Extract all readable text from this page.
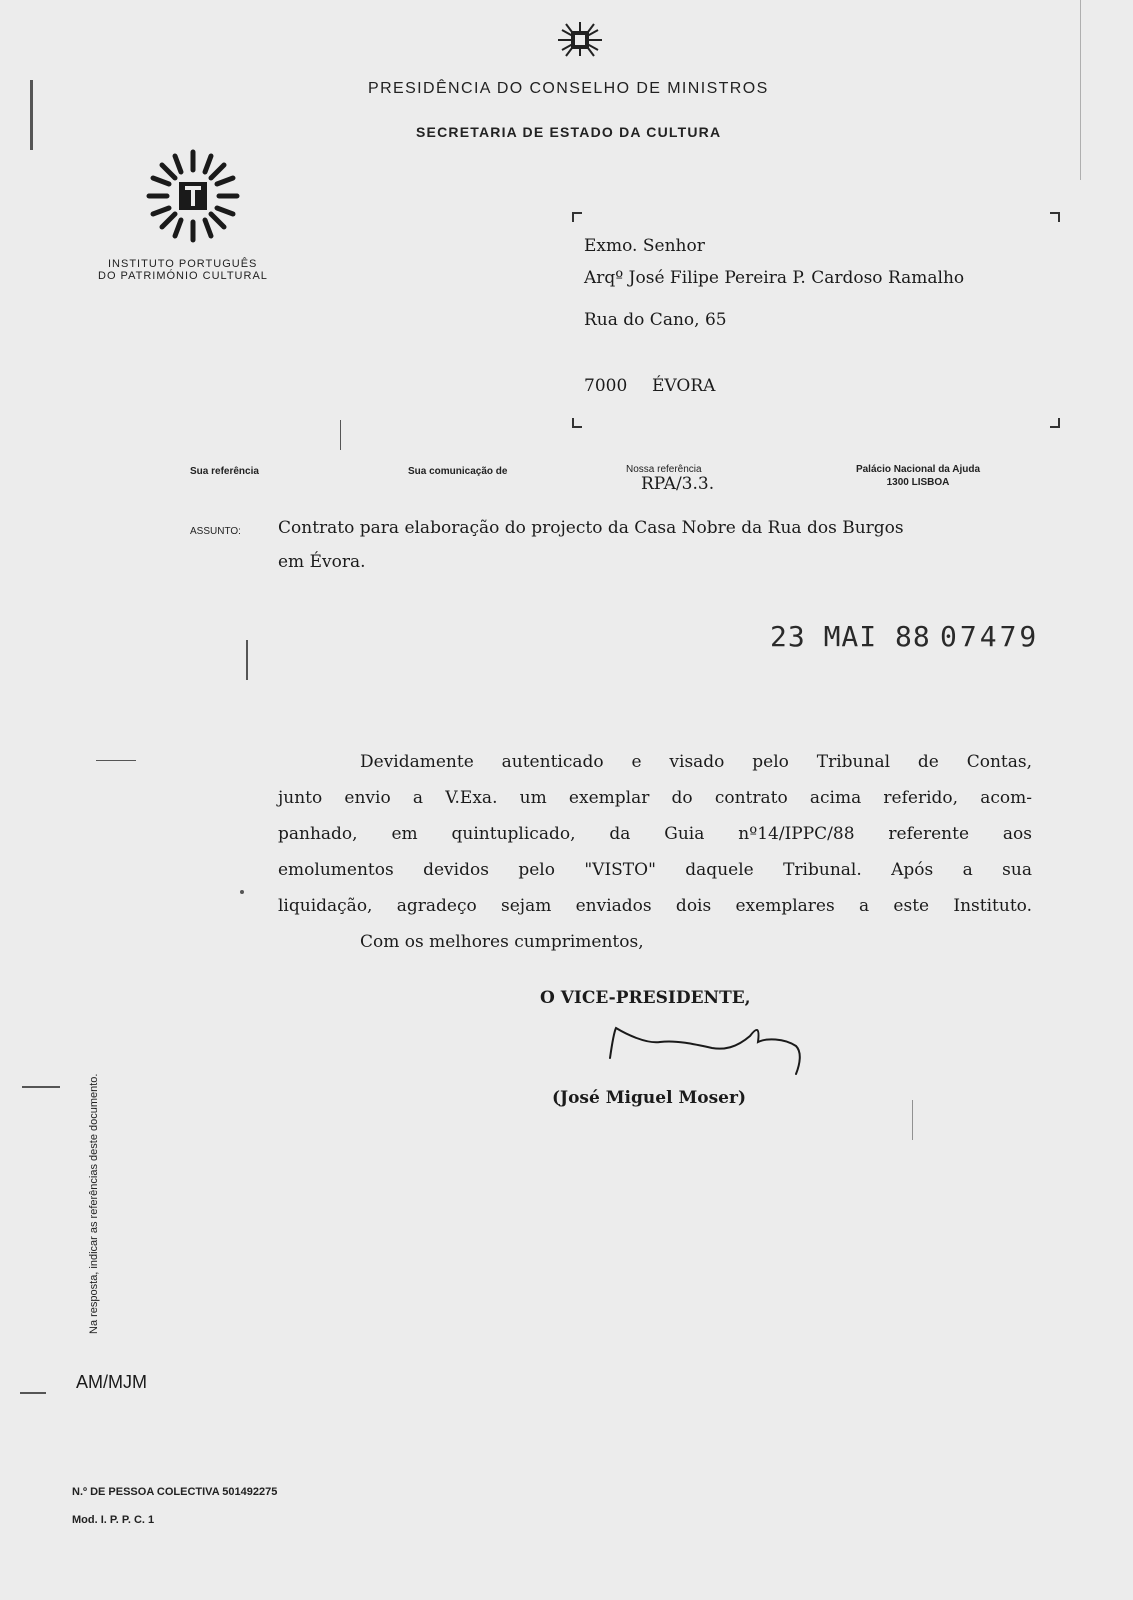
PRESIDÊNCIA DO CONSELHO DE MINISTROS
SECRETARIA DE ESTADO DA CULTURA
INSTITUTO PORTUGUÊS
DO PATRIMÓNIO CULTURAL
Exmo. Senhor
Arqº José Filipe Pereira P. Cardoso Ramalho
Rua do Cano, 65
7000 ÉVORA
Sua referência	Sua comunicação de	Nossa referência
RPA/3.3.
Palácio Nacional da Ajuda
1300 LISBOA
ASSUNTO: Contrato para elaboração do projecto da Casa Nobre da Rua dos Burgos
em Évora.
23 MAI 88 07479

Devidamente autenticado e visado pelo Tribunal de Contas,

junto envio a V.Exa. um exemplar do contrato acima referido, acom-

panhado, em quintuplicado, da Guia nº14/IPPC/88 referente aos

emolumentos devidos pelo "VISTO" daquele Tribunal. Após a sua

liquidação, agradeço sejam enviados dois exemplares a este Instituto.

Com os melhores cumprimentos,

O VICE-PRESIDENTE,
(José Miguel Moser)
Na resposta, indicar as referências deste documento.
AM/MJM
N.º DE PESSOA COLECTIVA 501492275
Mod. I. P. P. C. 1
